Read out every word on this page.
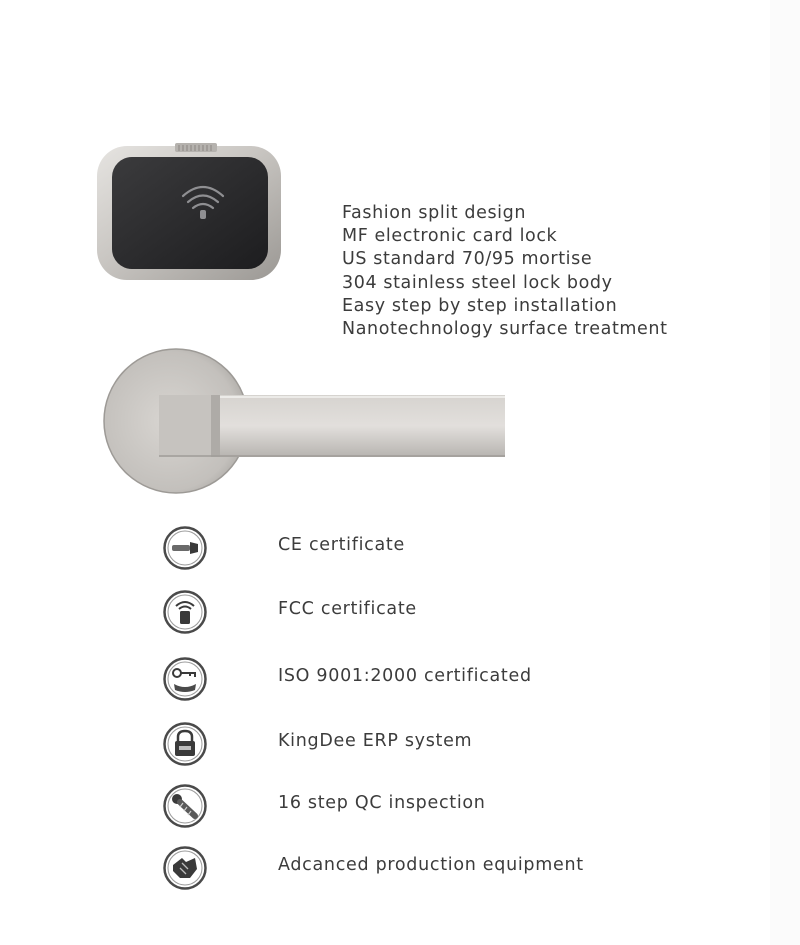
Fashion split design
MF electronic card lock
US standard 70/95 mortise
304 stainless steel lock body
Easy step by step installation
Nanotechnology surface treatment
CE certificate
FCC certificate
ISO 9001:2000 certificated
KingDee ERP system
16 step QC inspection
Adcanced production equipment
